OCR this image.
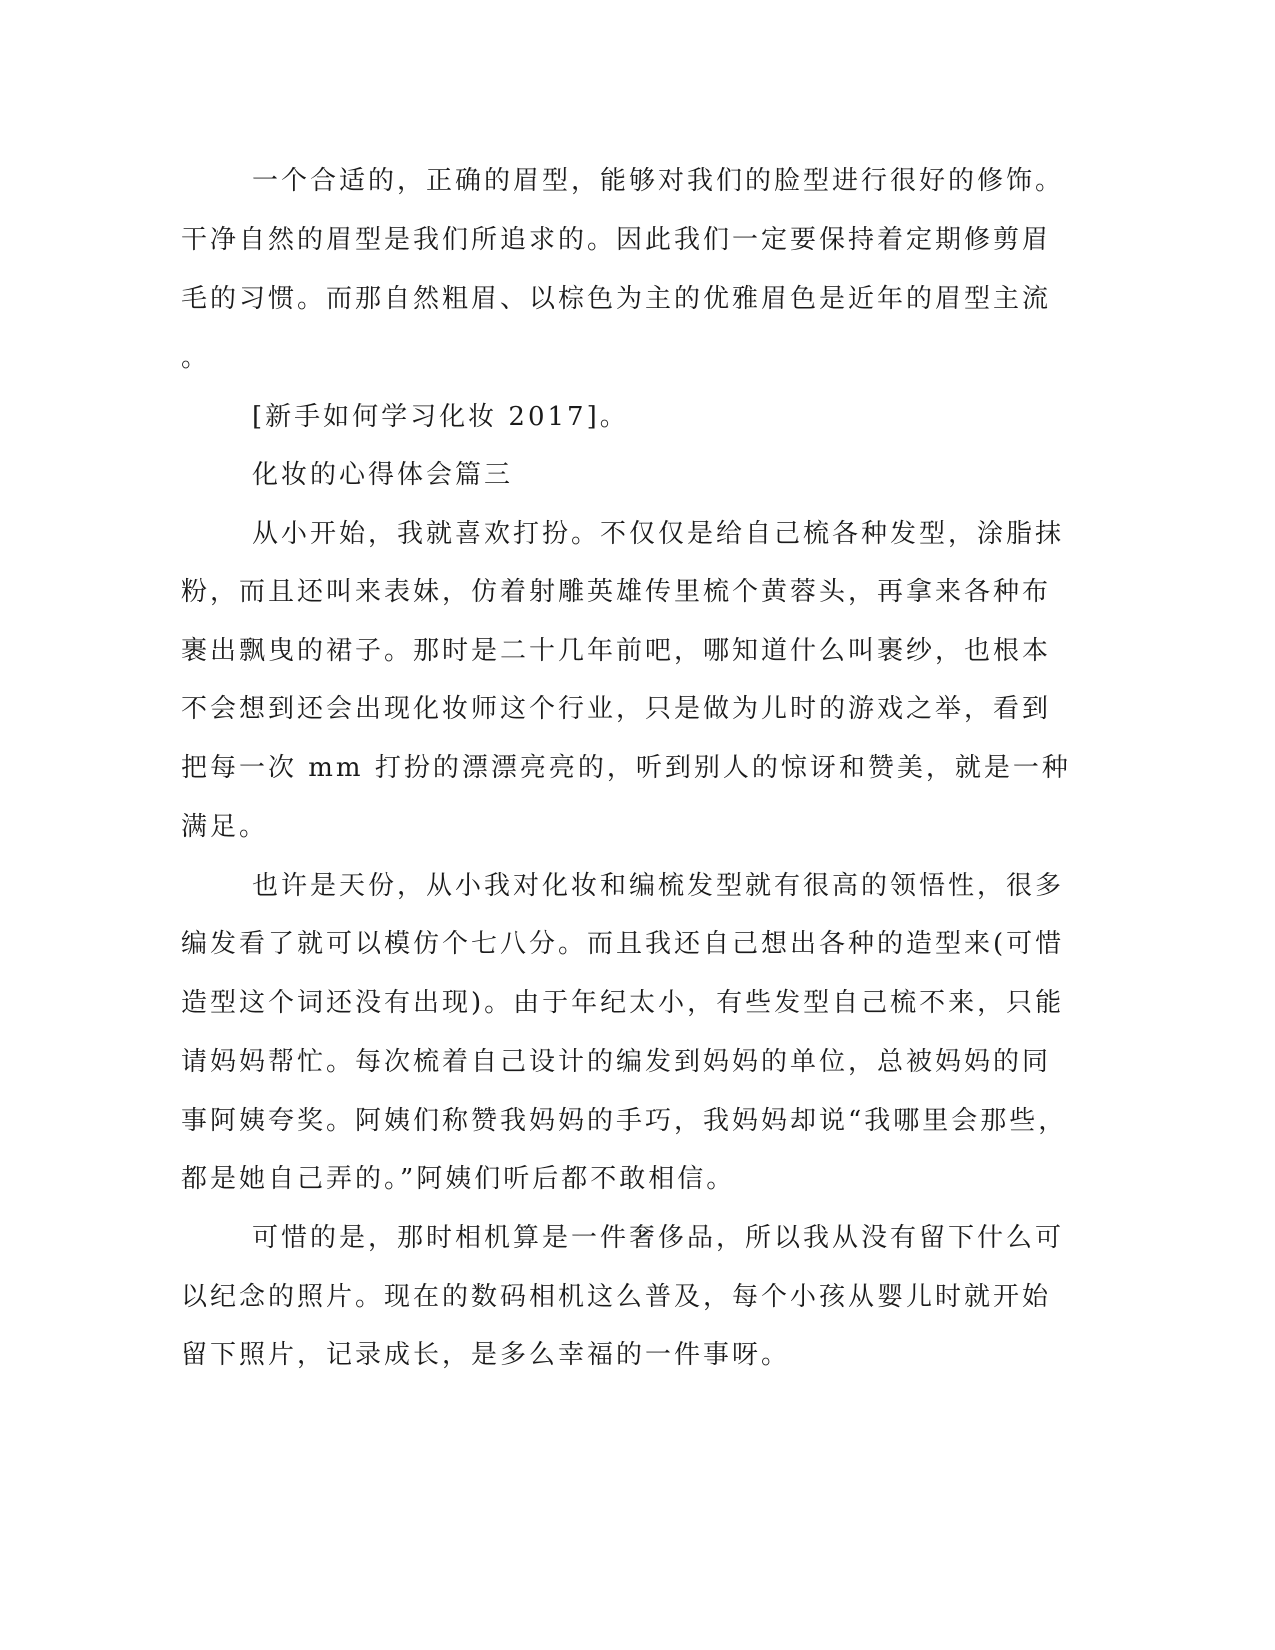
一个合适的，正确的眉型，能够对我们的脸型进行很好的修饰。

干净自然的眉型是我们所追求的。因此我们一定要保持着定期修剪眉

毛的习惯。而那自然粗眉、以棕色为主的优雅眉色是近年的眉型主流

。

[新手如何学习化妆 2017]。

化妆的心得体会篇三

从小开始，我就喜欢打扮。不仅仅是给自己梳各种发型，涂脂抹

粉，而且还叫来表妹，仿着射雕英雄传里梳个黄蓉头，再拿来各种布

裹出飘曳的裙子。那时是二十几年前吧，哪知道什么叫裹纱，也根本

不会想到还会出现化妆师这个行业，只是做为儿时的游戏之举，看到

把每一次 mm 打扮的漂漂亮亮的，听到别人的惊讶和赞美，就是一种

满足。

也许是天份，从小我对化妆和编梳发型就有很高的领悟性，很多

编发看了就可以模仿个七八分。而且我还自己想出各种的造型来(可惜

造型这个词还没有出现)。由于年纪太小，有些发型自己梳不来，只能

请妈妈帮忙。每次梳着自己设计的编发到妈妈的单位，总被妈妈的同

事阿姨夸奖。阿姨们称赞我妈妈的手巧，我妈妈却说“我哪里会那些，

都是她自己弄的。”阿姨们听后都不敢相信。

可惜的是，那时相机算是一件奢侈品，所以我从没有留下什么可

以纪念的照片。现在的数码相机这么普及，每个小孩从婴儿时就开始

留下照片，记录成长，是多么幸福的一件事呀。
